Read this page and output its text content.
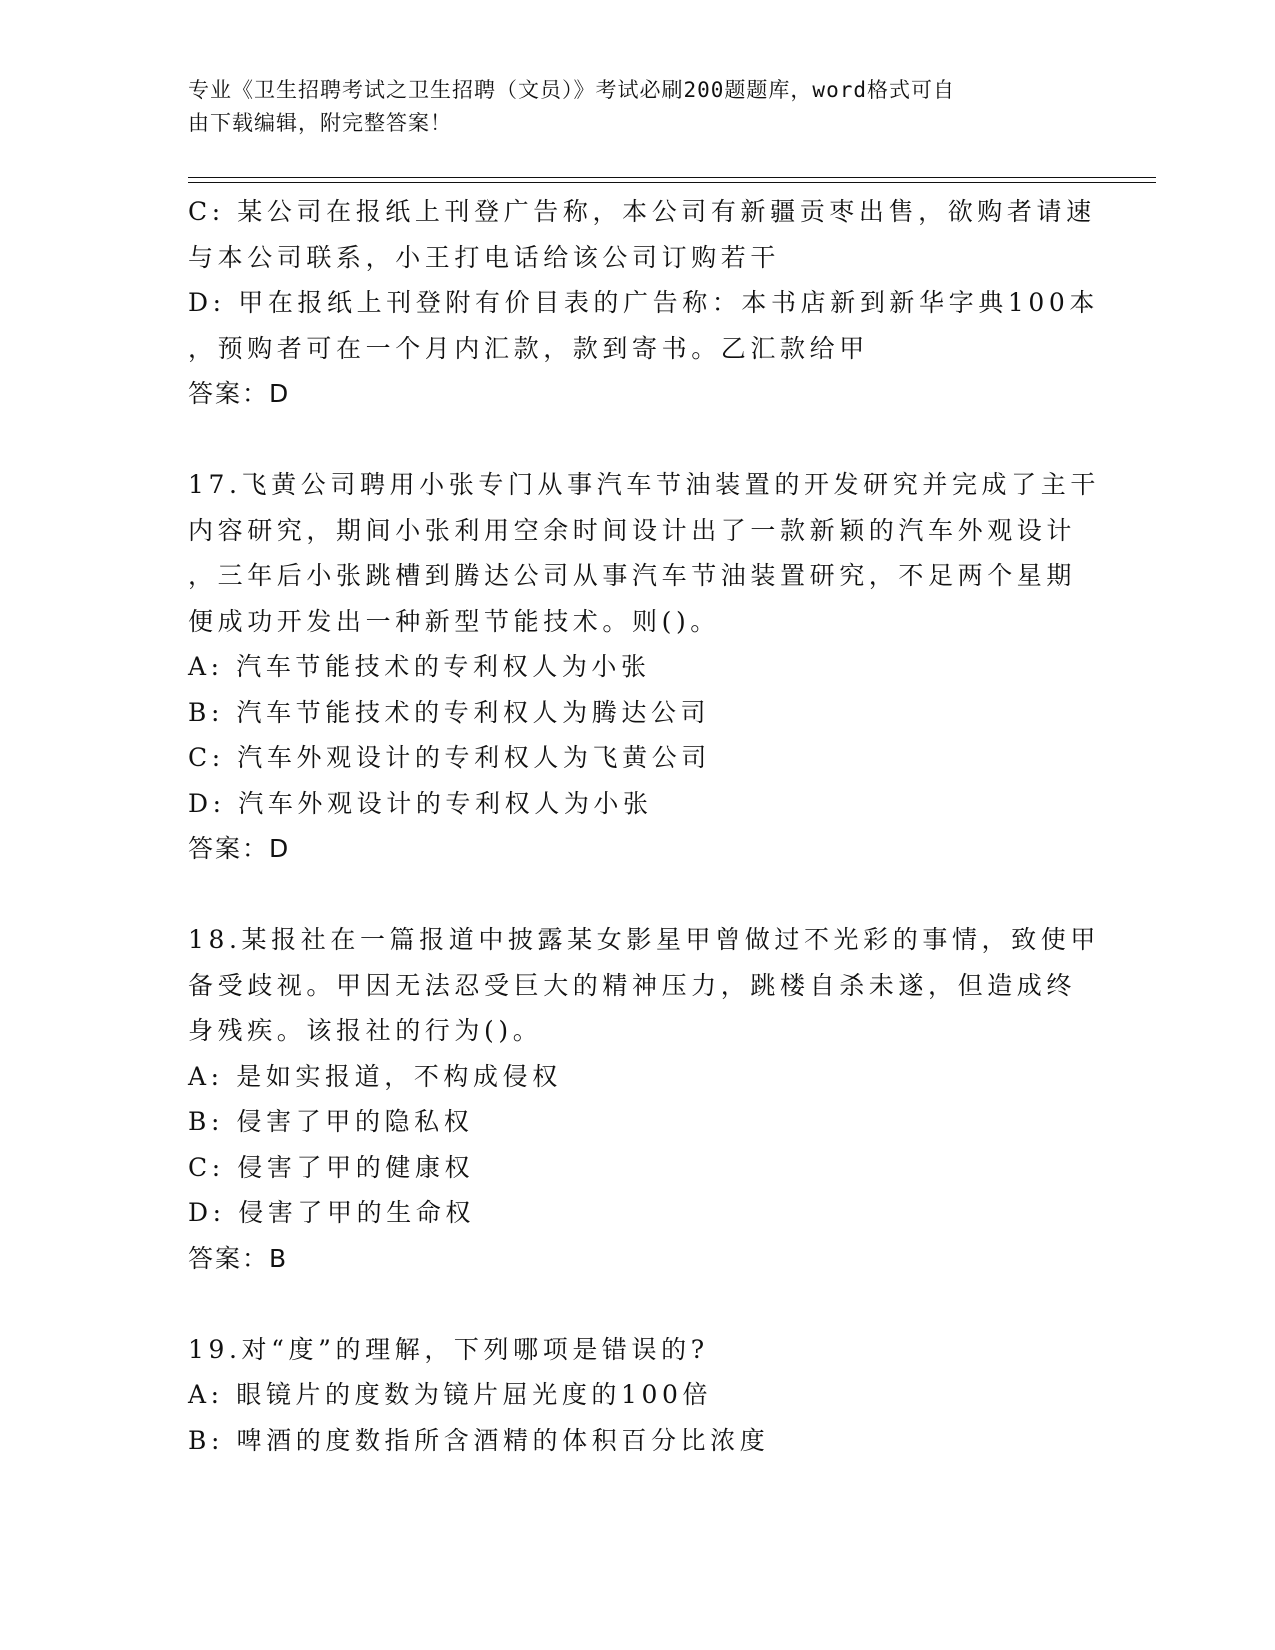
专业《卫生招聘考试之卫生招聘（文员）》考试必刷200题题库，word格式可自
由下载编辑，附完整答案！
C: 某公司在报纸上刊登广告称，本公司有新疆贡枣出售，欲购者请速
与本公司联系，小王打电话给该公司订购若干
D: 甲在报纸上刊登附有价目表的广告称：本书店新到新华字典100本
，预购者可在一个月内汇款，款到寄书。乙汇款给甲
答案：D
17.飞黄公司聘用小张专门从事汽车节油装置的开发研究并完成了主干
内容研究，期间小张利用空余时间设计出了一款新颖的汽车外观设计
，三年后小张跳槽到腾达公司从事汽车节油装置研究，不足两个星期
便成功开发出一种新型节能技术。则()。
A: 汽车节能技术的专利权人为小张
B: 汽车节能技术的专利权人为腾达公司
C: 汽车外观设计的专利权人为飞黄公司
D: 汽车外观设计的专利权人为小张
答案：D
18.某报社在一篇报道中披露某女影星甲曾做过不光彩的事情，致使甲
备受歧视。甲因无法忍受巨大的精神压力，跳楼自杀未遂，但造成终
身残疾。该报社的行为()。
A: 是如实报道，不构成侵权
B: 侵害了甲的隐私权
C: 侵害了甲的健康权
D: 侵害了甲的生命权
答案：B
19.对“度”的理解，下列哪项是错误的?
A: 眼镜片的度数为镜片屈光度的100倍
B: 啤酒的度数指所含酒精的体积百分比浓度
